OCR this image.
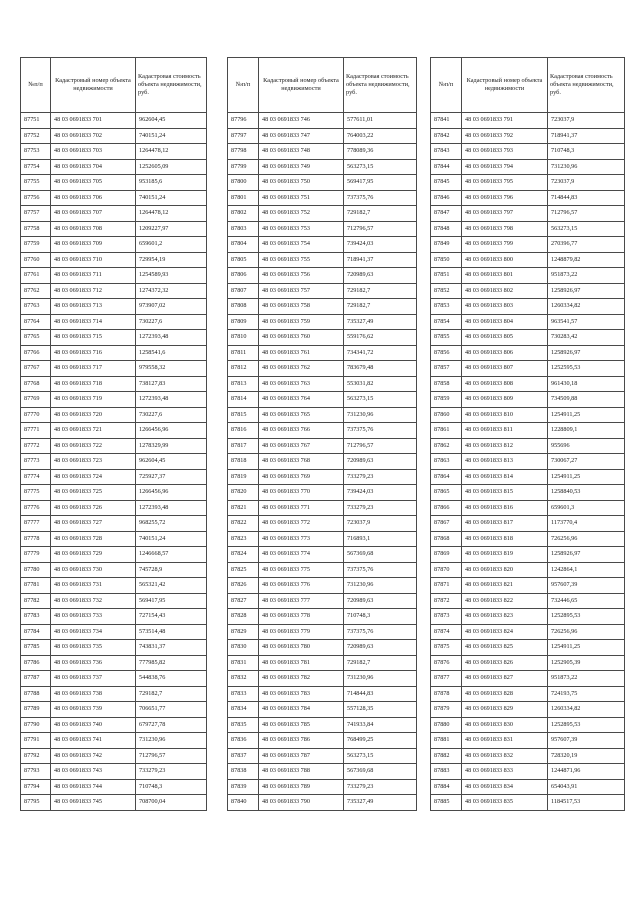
№п/п	Кадастровый номер объекта недвижимости	Кадастровая стоимость объекта недвижимости, руб.
87751	48 03 0691833 701	962604,45
87752	48 03 0691833 702	740151,24
87753	48 03 0691833 703	1264478,12
87754	48 03 0691833 704	1252605,09
87755	48 03 0691833 705	953185,6
87756	48 03 0691833 706	740151,24
87757	48 03 0691833 707	1264478,12
87758	48 03 0691833 708	1209227,97
87759	48 03 0691833 709	659601,2
87760	48 03 0691833 710	729954,19
87761	48 03 0691833 711	1254589,93
87762	48 03 0691833 712	1274372,32
87763	48 03 0691833 713	973907,02
87764	48 03 0691833 714	730227,6
87765	48 03 0691833 715	1272393,48
87766	48 03 0691833 716	1258541,6
87767	48 03 0691833 717	979558,32
87768	48 03 0691833 718	738127,83
87769	48 03 0691833 719	1272393,48
87770	48 03 0691833 720	730227,6
87771	48 03 0691833 721	1266456,96
87772	48 03 0691833 722	1278329,99
87773	48 03 0691833 723	962604,45
87774	48 03 0691833 724	725927,37
87775	48 03 0691833 725	1266456,96
87776	48 03 0691833 726	1272393,48
87777	48 03 0691833 727	968255,72
87778	48 03 0691833 728	740151,24
87779	48 03 0691833 729	1246668,57
87780	48 03 0691833 730	745728,9
87781	48 03 0691833 731	565321,42
87782	48 03 0691833 732	569417,95
87783	48 03 0691833 733	727154,43
87784	48 03 0691833 734	573514,48
87785	48 03 0691833 735	743831,37
87786	48 03 0691833 736	777985,82
87787	48 03 0691833 737	544838,76
87788	48 03 0691833 738	729182,7
87789	48 03 0691833 739	706651,77
87790	48 03 0691833 740	679727,78
87791	48 03 0691833 741	731230,96
87792	48 03 0691833 742	712796,57
87793	48 03 0691833 743	733279,23
87794	48 03 0691833 744	710748,3
87795	48 03 0691833 745	708700,04
№п/п	Кадастровый номер объекта недвижимости	Кадастровая стоимость объекта недвижимости, руб.
87796	48 03 0691833 746	577611,01
87797	48 03 0691833 747	764003,22
87798	48 03 0691833 748	778089,36
87799	48 03 0691833 749	563273,15
87800	48 03 0691833 750	569417,95
87801	48 03 0691833 751	737375,76
87802	48 03 0691833 752	729182,7
87803	48 03 0691833 753	712796,57
87804	48 03 0691833 754	739424,03
87805	48 03 0691833 755	718941,37
87806	48 03 0691833 756	720989,63
87807	48 03 0691833 757	729182,7
87808	48 03 0691833 758	729182,7
87809	48 03 0691833 759	735327,49
87810	48 03 0691833 760	559176,62
87811	48 03 0691833 761	734341,72
87812	48 03 0691833 762	783679,48
87813	48 03 0691833 763	553031,82
87814	48 03 0691833 764	563273,15
87815	48 03 0691833 765	731230,96
87816	48 03 0691833 766	737375,76
87817	48 03 0691833 767	712796,57
87818	48 03 0691833 768	720989,63
87819	48 03 0691833 769	733279,23
87820	48 03 0691833 770	739424,03
87821	48 03 0691833 771	733279,23
87822	48 03 0691833 772	723037,9
87823	48 03 0691833 773	716893,1
87824	48 03 0691833 774	567369,68
87825	48 03 0691833 775	737375,76
87826	48 03 0691833 776	731230,96
87827	48 03 0691833 777	720989,63
87828	48 03 0691833 778	710748,3
87829	48 03 0691833 779	737375,76
87830	48 03 0691833 780	720989,63
87831	48 03 0691833 781	729182,7
87832	48 03 0691833 782	731230,96
87833	48 03 0691833 783	714844,83
87834	48 03 0691833 784	557128,35
87835	48 03 0691833 785	741933,84
87836	48 03 0691833 786	768499,25
87837	48 03 0691833 787	563273,15
87838	48 03 0691833 788	567369,68
87839	48 03 0691833 789	733279,23
87840	48 03 0691833 790	735327,49
№п/п	Кадастровый номер объекта недвижимости	Кадастровая стоимость объекта недвижимости, руб.
87841	48 03 0691833 791	723037,9
87842	48 03 0691833 792	718941,37
87843	48 03 0691833 793	710748,3
87844	48 03 0691833 794	731230,96
87845	48 03 0691833 795	723037,9
87846	48 03 0691833 796	714844,83
87847	48 03 0691833 797	712796,57
87848	48 03 0691833 798	563273,15
87849	48 03 0691833 799	270396,77
87850	48 03 0691833 800	1248879,82
87851	48 03 0691833 801	951873,22
87852	48 03 0691833 802	1258926,97
87853	48 03 0691833 803	1260334,82
87854	48 03 0691833 804	963541,57
87855	48 03 0691833 805	730283,42
87856	48 03 0691833 806	1258926,97
87857	48 03 0691833 807	1252595,53
87858	48 03 0691833 808	961430,18
87859	48 03 0691833 809	734509,88
87860	48 03 0691833 810	1254911,25
87861	48 03 0691833 811	1228809,1
87862	48 03 0691833 812	955696
87863	48 03 0691833 813	730067,27
87864	48 03 0691833 814	1254911,25
87865	48 03 0691833 815	1258840,53
87866	48 03 0691833 816	659601,3
87867	48 03 0691833 817	1173770,4
87868	48 03 0691833 818	726256,96
87869	48 03 0691833 819	1258926,97
87870	48 03 0691833 820	1242864,1
87871	48 03 0691833 821	957607,39
87872	48 03 0691833 822	732446,65
87873	48 03 0691833 823	1252895,53
87874	48 03 0691833 824	726256,96
87875	48 03 0691833 825	1254911,25
87876	48 03 0691833 826	1252905,39
87877	48 03 0691833 827	951873,22
87878	48 03 0691833 828	724193,75
87879	48 03 0691833 829	1260334,82
87880	48 03 0691833 830	1252895,53
87881	48 03 0691833 831	957607,39
87882	48 03 0691833 832	728320,19
87883	48 03 0691833 833	1244871,96
87884	48 03 0691833 834	654043,91
87885	48 03 0691833 835	1184517,53
